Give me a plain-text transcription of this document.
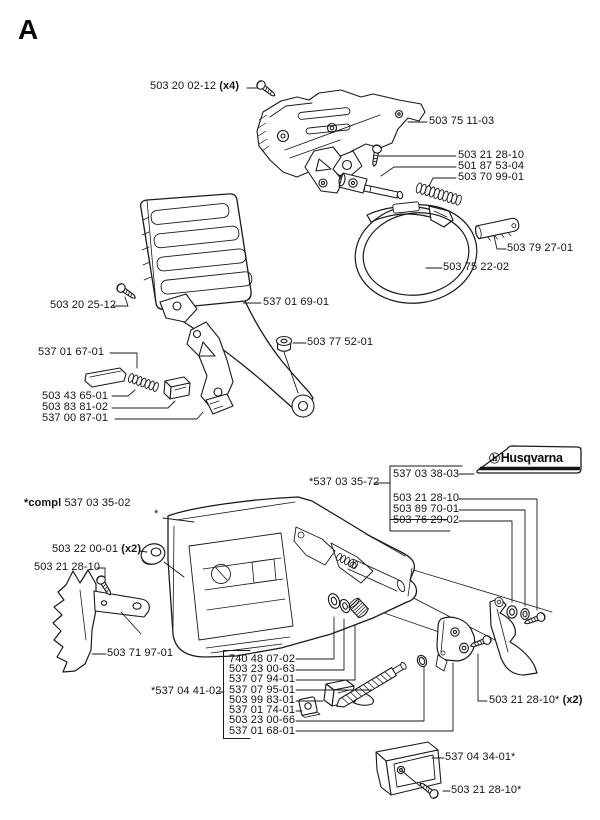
A
ⓗHusqvarna
503 20 02-12 (x4)
503 75 11-03
503 21 28-10
501 87 53-04
503 70 99-01
503 79 27-01
503 75 22-02
537 01 69-01
503 20 25-12
503 77 52-01
537 01 67-01
503 43 65-01
503 83 81-02
537 00 87-01
*537 03 35-72
537 03 38-03
503 21 28-10
503 89 70-01
503 76 29-02
*compl 537 03 35-02
503 22 00-01 (x2)
503 21 28-10
503 71 97-01
*537 04 41-02
503 21 28-10* (x2)
537 04 34-01*
503 21 28-10*
*
740 48 07-02
503 23 00-63
537 07 94-01
537 07 95-01
503 99 83-01
537 01 74-01
503 23 00-66
537 01 68-01
